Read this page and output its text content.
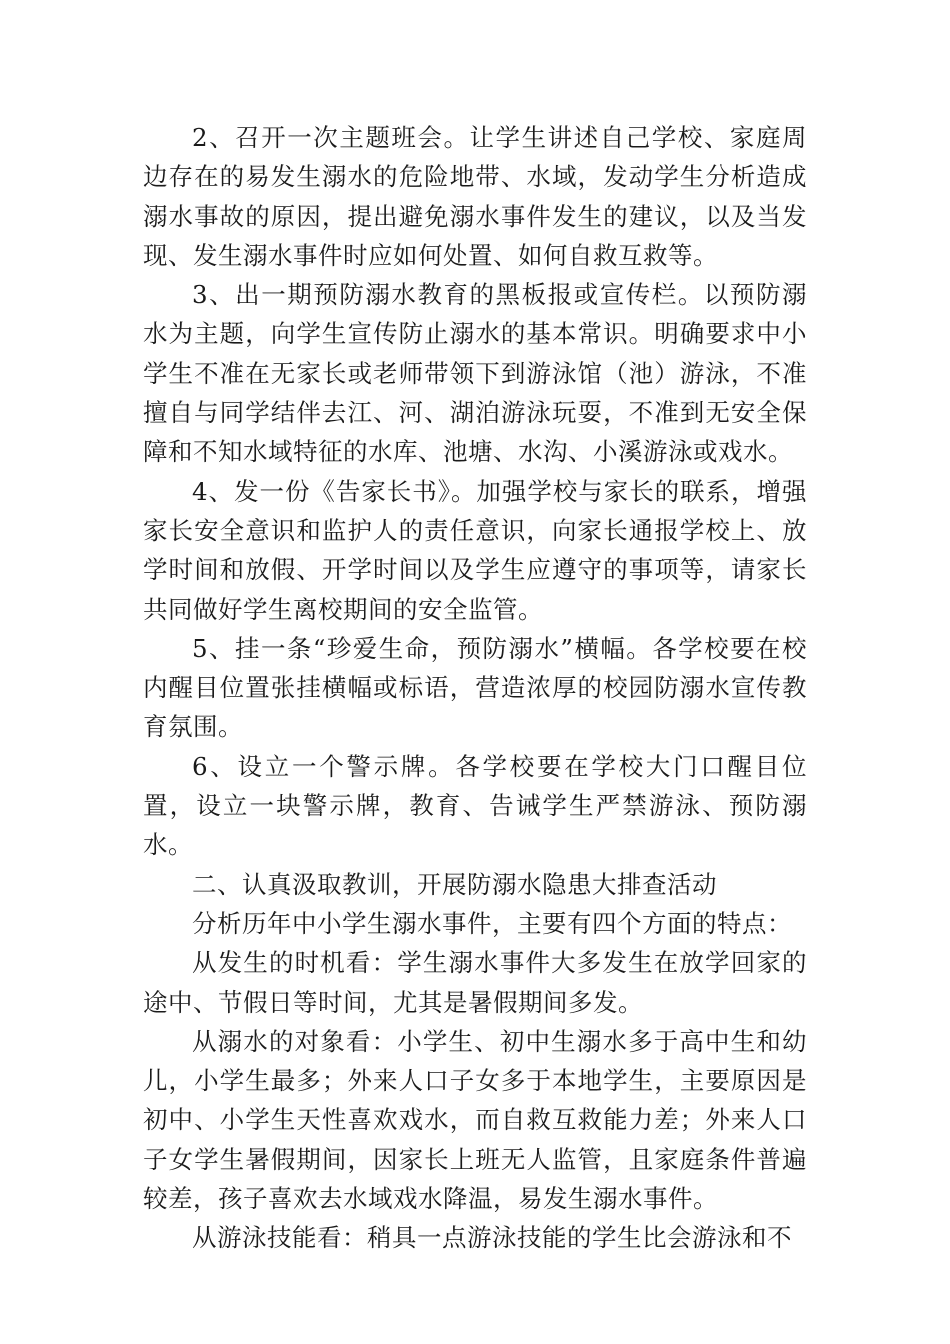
2、召开一次主题班会。让学生讲述自己学校、家庭周边存在的易发生溺水的危险地带、水域，发动学生分析造成溺水事故的原因，提出避免溺水事件发生的建议，以及当发现、发生溺水事件时应如何处置、如何自救互救等。

3、出一期预防溺水教育的黑板报或宣传栏。以预防溺水为主题，向学生宣传防止溺水的基本常识。明确要求中小学生不准在无家长或老师带领下到游泳馆（池）游泳，不准擅自与同学结伴去江、河、湖泊游泳玩耍，不准到无安全保障和不知水域特征的水库、池塘、水沟、小溪游泳或戏水。

4、发一份《告家长书》。加强学校与家长的联系，增强家长安全意识和监护人的责任意识，向家长通报学校上、放学时间和放假、开学时间以及学生应遵守的事项等，请家长共同做好学生离校期间的安全监管。

5、挂一条“珍爱生命，预防溺水”横幅。各学校要在校内醒目位置张挂横幅或标语，营造浓厚的校园防溺水宣传教育氛围。

6、设立一个警示牌。各学校要在学校大门口醒目位置，设立一块警示牌，教育、告诫学生严禁游泳、预防溺水。

二、认真汲取教训，开展防溺水隐患大排查活动

分析历年中小学生溺水事件，主要有四个方面的特点：

从发生的时机看：学生溺水事件大多发生在放学回家的途中、节假日等时间，尤其是暑假期间多发。

从溺水的对象看：小学生、初中生溺水多于高中生和幼儿，小学生最多；外来人口子女多于本地学生，主要原因是初中、小学生天性喜欢戏水，而自救互救能力差；外来人口子女学生暑假期间，因家长上班无人监管，且家庭条件普遍较差，孩子喜欢去水域戏水降温，易发生溺水事件。

从游泳技能看：稍具一点游泳技能的学生比会游泳和不
